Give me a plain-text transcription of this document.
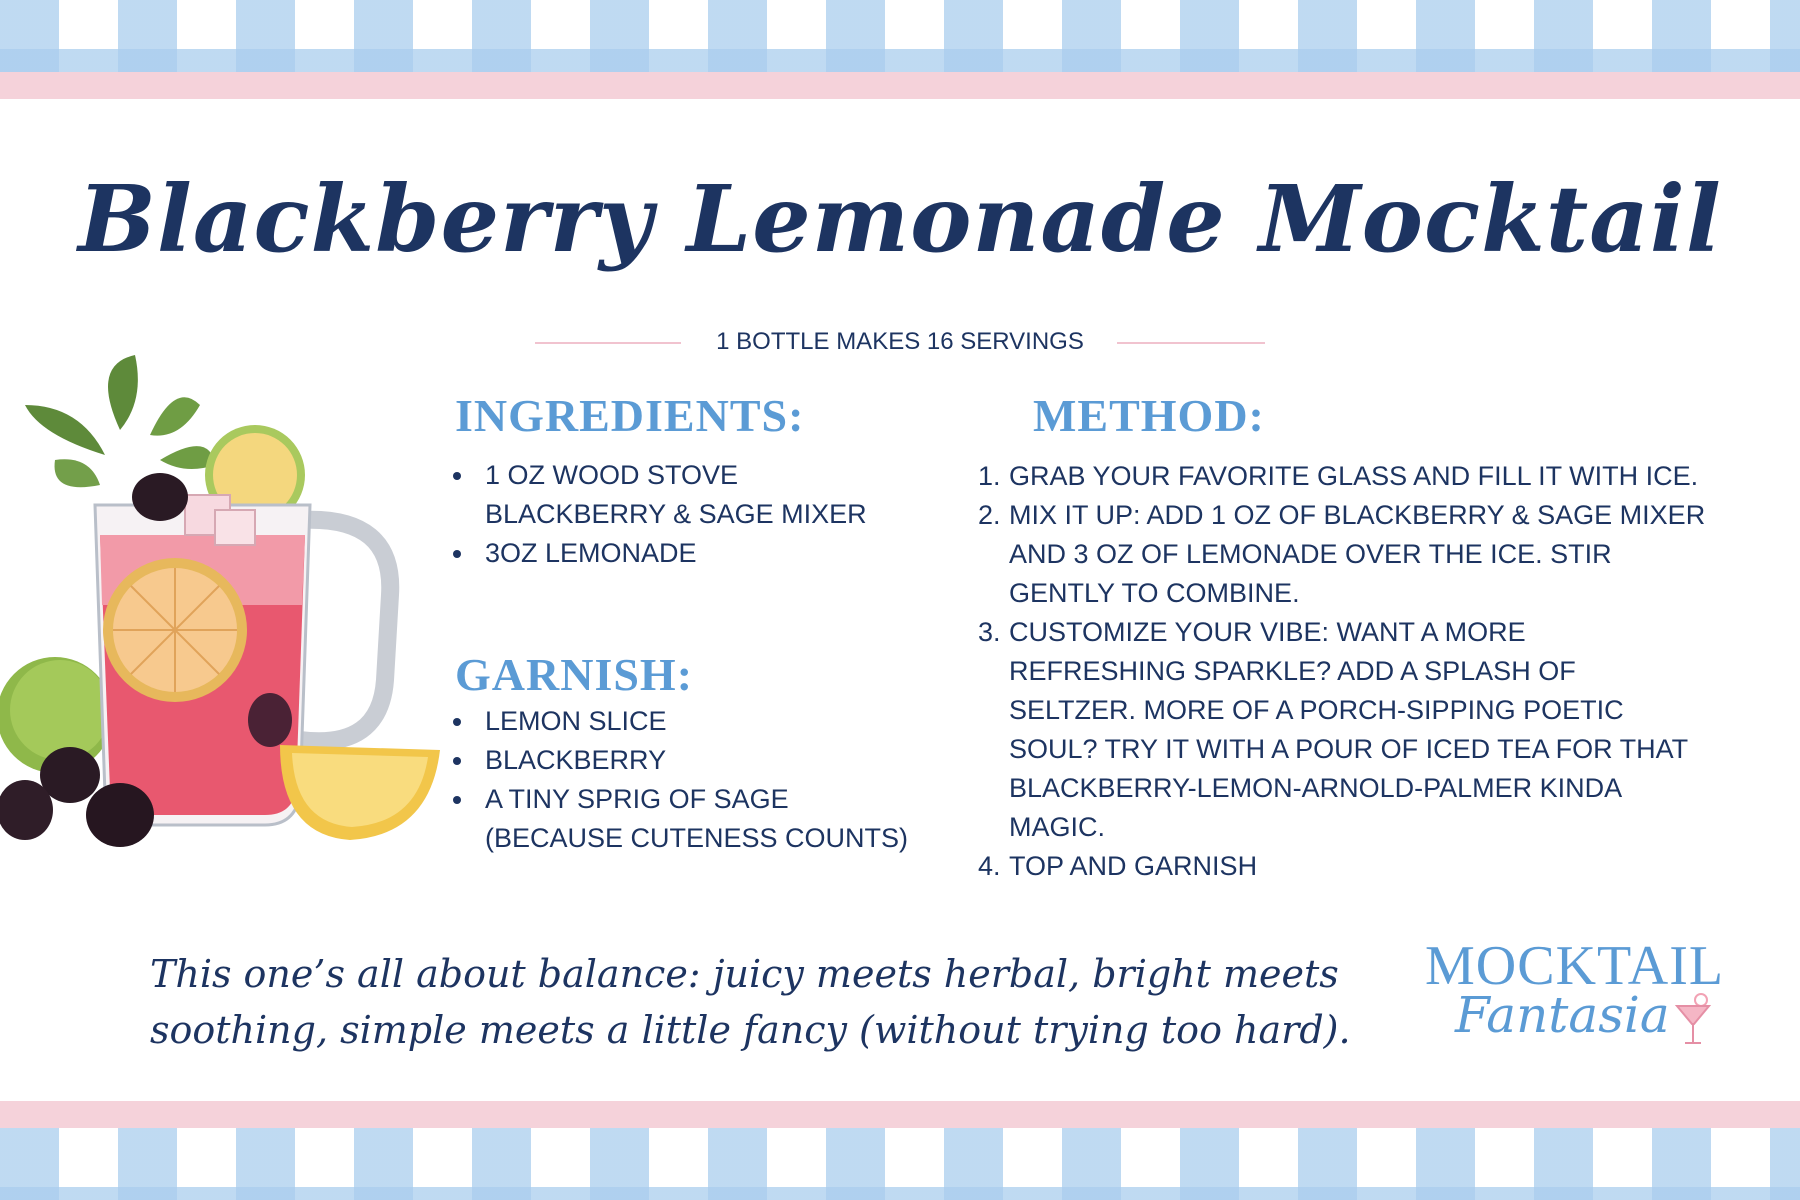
Blackberry Lemonade Mocktail
1 BOTTLE MAKES 16 SERVINGS
INGREDIENTS:
1 OZ WOOD STOVE
BLACKBERRY & SAGE MIXER
3OZ LEMONADE
GARNISH:
LEMON SLICE
BLACKBERRY
A TINY SPRIG OF SAGE
(BECAUSE CUTENESS COUNTS)
METHOD:
1. GRAB YOUR FAVORITE GLASS AND FILL IT WITH ICE.
2. MIX IT UP: ADD 1 OZ OF BLACKBERRY & SAGE MIXER
AND 3 OZ OF LEMONADE OVER THE ICE. STIR
GENTLY TO COMBINE.
3. CUSTOMIZE YOUR VIBE: WANT A MORE
REFRESHING SPARKLE? ADD A SPLASH OF
SELTZER. MORE OF A PORCH-SIPPING POETIC
SOUL? TRY IT WITH A POUR OF ICED TEA FOR THAT
BLACKBERRY-LEMON-ARNOLD-PALMER KINDA
MAGIC.
4. TOP AND GARNISH
This one’s all about balance: juicy meets herbal, bright meets
soothing, simple meets a little fancy (without trying too hard).
MOCKTAIL
Fantasia
